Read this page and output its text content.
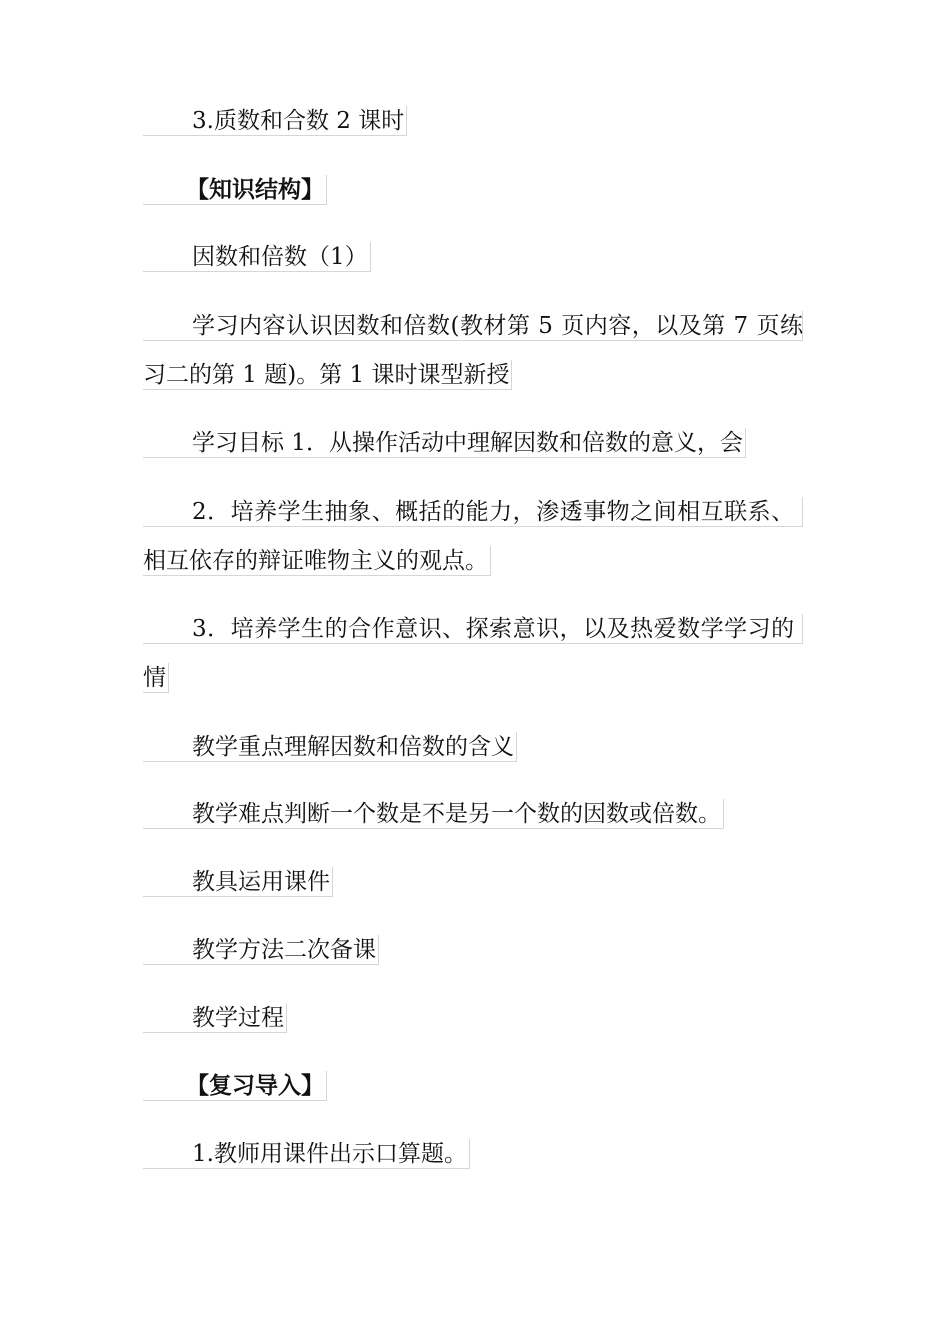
3.质数和合数 2 课时
【知识结构】
因数和倍数（1）
学习内容认识因数和倍数(教材第 5 页内容，以及第 7 页练
习二的第 1 题)。第 1 课时课型新授
学习目标 1．从操作活动中理解因数和倍数的意义，会
2．培养学生抽象、概括的能力，渗透事物之间相互联系、
相互依存的辩证唯物主义的观点。
3．培养学生的合作意识、探索意识，以及热爱数学学习的
情
教学重点理解因数和倍数的含义
教学难点判断一个数是不是另一个数的因数或倍数。
教具运用课件
教学方法二次备课
教学过程
【复习导入】
1.教师用课件出示口算题。
